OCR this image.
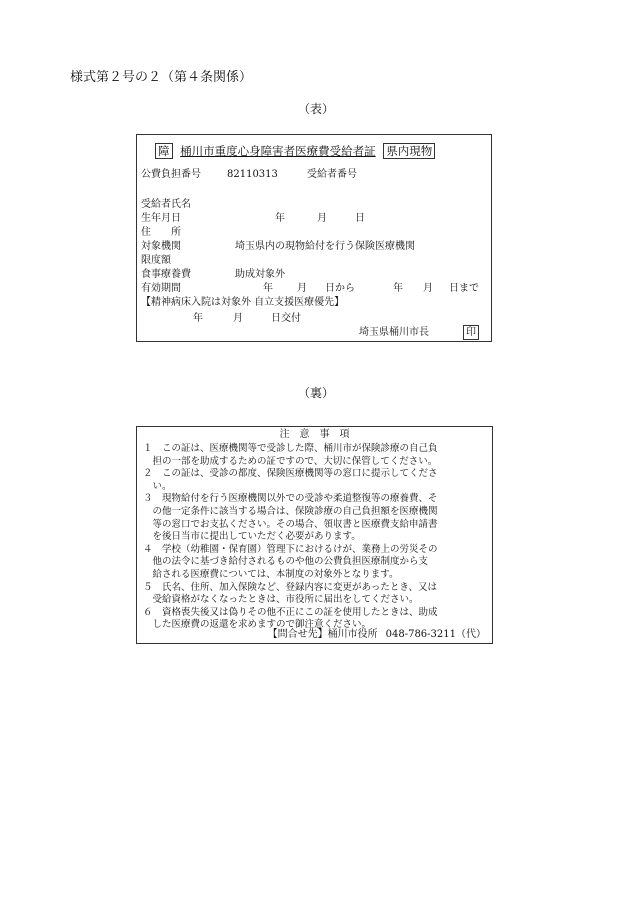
様式第２号の２（第４条関係）
（表）
障 桶川市重度心身障害者医療費受給者証 県内現物
公費負担番号	82110313	受給者番号
受給者氏名
生年月日	年	月	日
住　　所
対象機関	埼玉県内の現物給付を行う保険医療機関
限度額
食事療養費	助成対象外
有効期間	年 月 日から	年 月 日まで
【精神病床入院は対象外 自立支援医療優先】
年	月	日交付
埼玉県桶川市長	印
（裏）
注　意　事　項
１　この証は、医療機関等で受診した際、桶川市が保険診療の自己負
　担の一部を助成するための証ですので、大切に保管してください。
２　この証は、受診の都度、保険医療機関等の窓口に提示してくださ
　い。
３　現物給付を行う医療機関以外での受診や柔道整復等の療養費、そ
　の他一定条件に該当する場合は、保険診療の自己負担額を医療機関
　等の窓口でお支払ください。その場合、領収書と医療費支給申請書
　を後日当市に提出していただく必要があります。
４　学校（幼稚園・保育園）管理下におけるけが、業務上の労災その
　他の法令に基づき給付されるものや他の公費負担医療制度から支
　給される医療費については、本制度の対象外となります。
５　氏名、住所、加入保険など、登録内容に変更があったとき、又は
　受給資格がなくなったときは、市役所に届出をしてください。
６　資格喪失後又は偽りその他不正にこの証を使用したときは、助成
　した医療費の返還を求めますので御注意ください。
【問合せ先】桶川市役所 048-786-3211（代）
